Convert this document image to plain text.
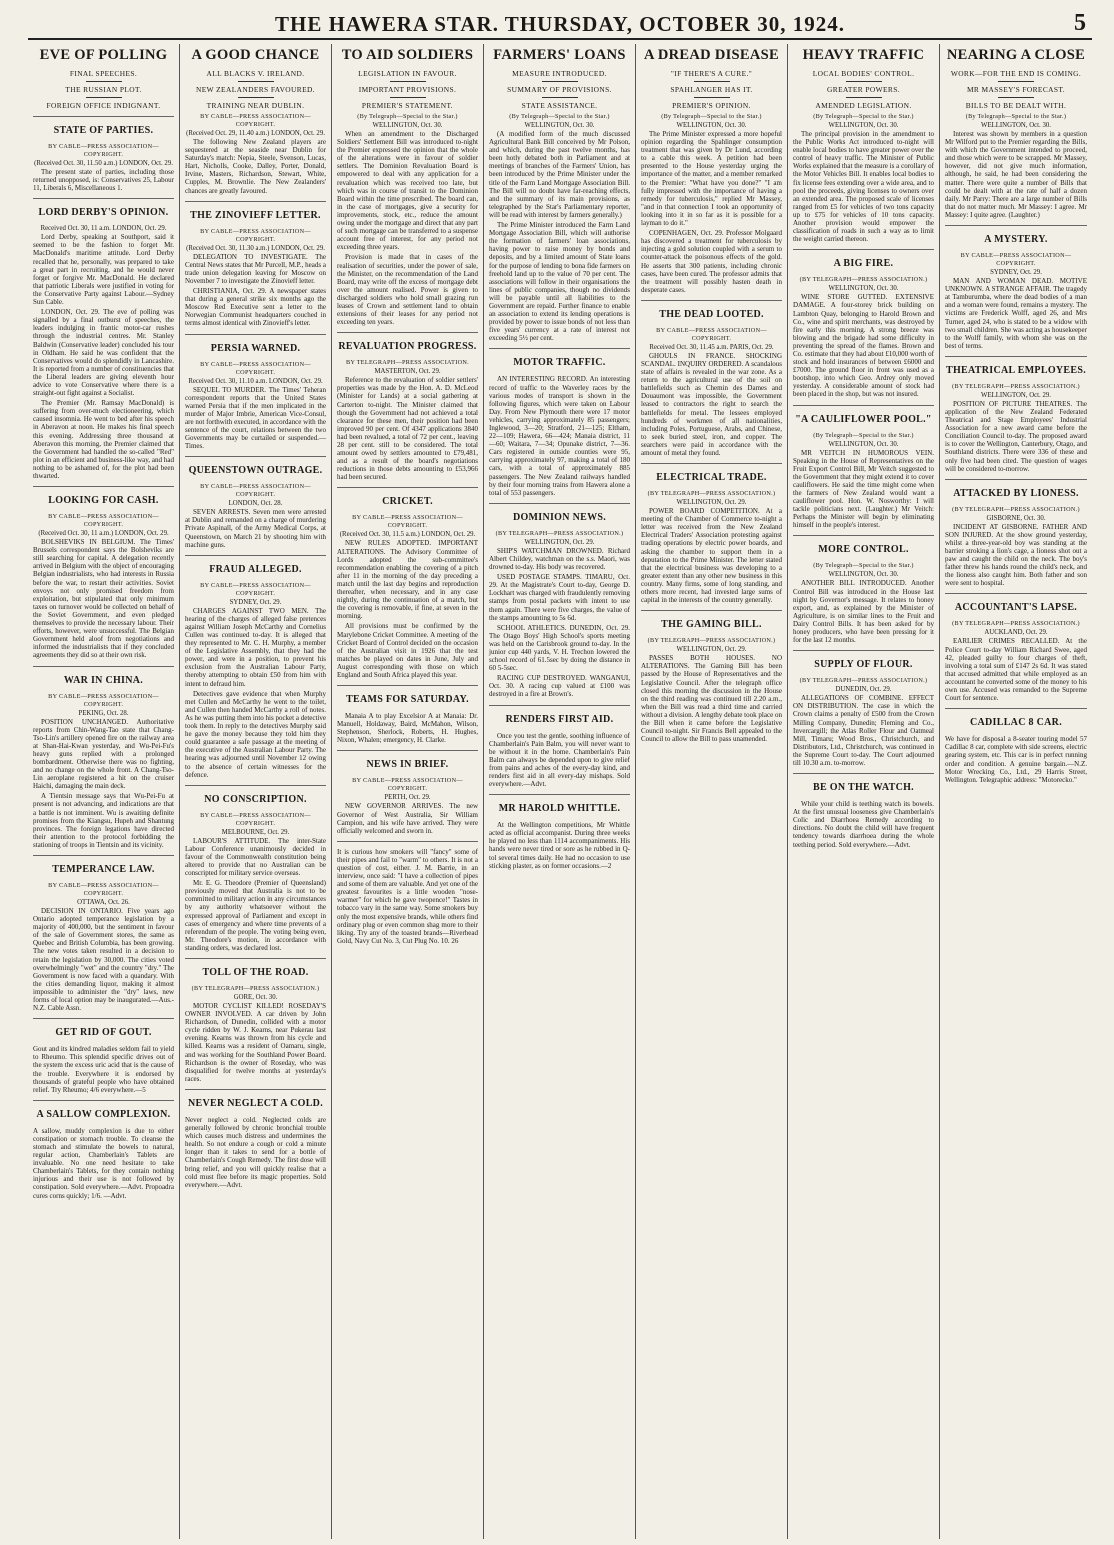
THE HAWERA STAR. THURSDAY, OCTOBER 30, 1924.	5
EVE OF POLLING
FINAL SPEECHES.
THE RUSSIAN PLOT.
FOREIGN OFFICE INDIGNANT.
STATE OF PARTIES.
BY CABLE—PRESS ASSOCIATION—COPYRIGHT.
(Received Oct. 30, 11.50 a.m.) LONDON, Oct. 29.

The present state of parties, including those returned unopposed, is: Conservatives 25, Labour 11, Liberals 6, Miscellaneous 1.

LORD DERBY'S OPINION.
Received Oct. 30, 11 a.m. LONDON, Oct. 29.

Lord Derby, speaking at Southport, said it seemed to be the fashion to forget Mr. MacDonald's maritime attitude. Lord Derby recalled that he, personally, was prepared to take a great part in recruiting, and he would never forget or forgive Mr. MacDonald. He declared that patriotic Liberals were justified in voting for the Conservative Party against Labour.—Sydney Sun Cable.

LONDON, Oct. 29. The eve of polling was signalled by a final outburst of speeches, the leaders indulging in frantic motor-car rushes through the industrial centres. Mr. Stanley Baldwin (Conservative leader) concluded his tour in Oldham. He said he was confident that the Conservatives would do splendidly in Lancashire. It is reported from a number of constituencies that the Liberal leaders are giving eleventh hour advice to vote Conservative where there is a straight-out fight against a Socialist.

The Premier (Mr. Ramsay MacDonald) is suffering from over-much electioneering, which caused insomnia. He went to bed after his speech in Aberavon at noon. He makes his final speech this evening. Addressing three thousand at Aberavon this morning, the Premier claimed that the Government had handled the so-called "Red" plot in an efficient and business-like way, and had nothing to be ashamed of, for the plot had been thwarted.

LOOKING FOR CASH.
BY CABLE—PRESS ASSOCIATION—COPYRIGHT.
(Received Oct. 30, 11 a.m.) LONDON, Oct. 29.

BOLSHEVIKS IN BELGIUM. The Times' Brussels correspondent says the Bolsheviks are still searching for capital. A delegation recently arrived in Belgium with the object of encouraging Belgian industrialists, who had interests in Russia before the war, to restart their activities. Soviet envoys not only promised freedom from exploitation, but stipulated that only minimum taxes on turnover would be collected on behalf of the Soviet Government, and even pledged themselves to provide the necessary labour. Their efforts, however, were unsuccessful. The Belgian Government held aloof from negotiations and informed the industrialists that if they concluded agreements they did so at their own risk.

WAR IN CHINA.
BY CABLE—PRESS ASSOCIATION—COPYRIGHT.
PEKING, Oct. 28.

POSITION UNCHANGED. Authoritative reports from Chin-Wang-Tao state that Chang-Tso-Lin's artillery opened fire on the railway area at Shan-Hai-Kwan yesterday, and Wu-Pei-Fu's heavy guns replied with a prolonged bombardment. Otherwise there was no fighting, and no change on the whole front. A Chang-Tso-Lin aeroplane registered a hit on the cruiser Haichi, damaging the main deck.

A Tientsin message says that Wu-Pei-Fu at present is not advancing, and indications are that a battle is not imminent. Wu is awaiting definite promises from the Kiangsu, Hupeh and Shantung provinces. The foreign legations have directed their attention to the protocol forbidding the stationing of troops in Tientsin and its vicinity.

TEMPERANCE LAW.
BY CABLE—PRESS ASSOCIATION—COPYRIGHT.
OTTAWA, Oct. 26.

DECISION IN ONTARIO. Five years ago Ontario adopted temperance legislation by a majority of 400,000, but the sentiment in favour of the sale of Government stores, the same as Quebec and British Columbia, has been growing. The new votes taken resulted in a decision to retain the legislation by 30,000. The cities voted overwhelmingly "wet" and the country "dry." The Government is now faced with a quandary. With the cities demanding liquor, making it almost impossible to administer the "dry" laws, new forms of local option may be inaugurated.—Aus.-N.Z. Cable Assn.

GET RID OF GOUT.

Gout and its kindred maladies seldom fail to yield to Rheumo. This splendid specific drives out of the system the excess uric acid that is the cause of the trouble. Everywhere it is endorsed by thousands of grateful people who have obtained relief. Try Rheumo; 4/6 everywhere.—5

A SALLOW COMPLEXION.

A sallow, muddy complexion is due to either constipation or stomach trouble. To cleanse the stomach and stimulate the bowels to natural, regular action, Chamberlain's Tablets are invaluable. No one need hesitate to take Chamberlain's Tablets, for they contain nothing injurious and their use is not followed by constipation. Sold everywhere.—Advt. Propoadra cures corns quickly; 1/6. —Advt.

A GOOD CHANCE
ALL BLACKS V. IRELAND.
NEW ZEALANDERS FAVOURED.
TRAINING NEAR DUBLIN.
BY CABLE—PRESS ASSOCIATION—COPYRIGHT.
(Received Oct. 29, 11.40 a.m.) LONDON, Oct. 29.

The following New Zealand players are sequestered at the seaside near Dublin for Saturday's match: Nepia, Steele, Svenson, Lucas, Hart, Nicholls, Cooke, Dalley, Porter, Donald, Irvine, Masters, Richardson, Stewart, White, Cupples, M. Brownlie. The New Zealanders' chances are greatly favoured.

THE ZINOVIEFF LETTER.
BY CABLE—PRESS ASSOCIATION—COPYRIGHT.
(Received Oct. 30, 11.30 a.m.) LONDON, Oct. 29.

DELEGATION TO INVESTIGATE. The Central News states that Mr Purcell, M.P., heads a trade union delegation leaving for Moscow on November 7 to investigate the Zinovieff letter.

CHRISTIANIA, Oct. 29. A newspaper states that during a general strike six months ago the Moscow Red Executive sent a letter to the Norwegian Communist headquarters couched in terms almost identical with Zinovieff's letter.

PERSIA WARNED.
BY CABLE—PRESS ASSOCIATION—COPYRIGHT.
Received Oct. 30, 11.10 a.m. LONDON, Oct. 29.

SEQUEL TO MURDER. The Times' Teheran correspondent reports that the United States warned Persia that if the men implicated in the murder of Major Imbrie, American Vice-Consul, are not forthwith executed, in accordance with the sentence of the court, relations between the two Governments may be curtailed or suspended.—Times.

QUEENSTOWN OUTRAGE.
BY CABLE—PRESS ASSOCIATION—COPYRIGHT.
LONDON, Oct. 28.

SEVEN ARRESTS. Seven men were arrested at Dublin and remanded on a charge of murdering Private Aspinall, of the Army Medical Corps, at Queenstown, on March 21 by shooting him with machine guns.

FRAUD ALLEGED.
BY CABLE—PRESS ASSOCIATION—COPYRIGHT.
SYDNEY, Oct. 29.

CHARGES AGAINST TWO MEN. The hearing of the charges of alleged false pretences against William Joseph McCarthy and Cornelius Cullen was continued to-day. It is alleged that they represented to Mr. C. H. Murphy, a member of the Legislative Assembly, that they had the power, and were in a position, to prevent his exclusion from the Australian Labour Party, thereby attempting to obtain £50 from him with intent to defraud him.

Detectives gave evidence that when Murphy met Cullen and McCarthy he went to the toilet, and Cullen then handed McCarthy a roll of notes. As he was putting them into his pocket a detective took them. In reply to the detectives Murphy said he gave the money because they told him they could guarantee a safe passage at the meeting of the executive of the Australian Labour Party. The hearing was adjourned until November 12 owing to the absence of certain witnesses for the defence.

NO CONSCRIPTION.
BY CABLE—PRESS ASSOCIATION—COPYRIGHT.
MELBOURNE, Oct. 29.

LABOUR'S ATTITUDE. The inter-State Labour Conference unanimously decided in favour of the Commonwealth constitution being altered to provide that no Australian can be conscripted for military service overseas.

Mr. E. G. Theodore (Premier of Queensland) previously moved that Australia is not to be committed to military action in any circumstances by any authority whatsoever without the expressed approval of Parliament and except in cases of emergency and where time prevents of a referendum of the people. The voting being even, Mr. Theodore's motion, in accordance with standing orders, was declared lost.

TOLL OF THE ROAD.
(BY TELEGRAPH—PRESS ASSOCIATION.)
GORE, Oct. 30.

MOTOR CYCLIST KILLED! ROSEDAY'S OWNER INVOLVED. A car driven by John Richardson, of Dunedin, collided with a motor cycle ridden by W. J. Kearns, near Pukerau last evening. Kearns was thrown from his cycle and killed. Kearns was a resident of Oamaru, single, and was working for the Southland Power Board. Richardson is the owner of Roseday, who was disqualified for twelve months at yesterday's races.

NEVER NEGLECT A COLD.

Never neglect a cold. Neglected colds are generally followed by chronic bronchial trouble which causes much distress and undermines the health. So not endure a cough or cold a minute longer than it takes to send for a bottle of Chamberlain's Cough Remedy. The first dose will bring relief, and you will quickly realise that a cold must flee before its magic properties. Sold everywhere.—Advt.

TO AID SOLDIERS
LEGISLATION IN FAVOUR.
IMPORTANT PROVISIONS.
PREMIER'S STATEMENT.
(By Telegraph—Special to the Star.)
WELLINGTON, Oct. 30.

When an amendment to the Discharged Soldiers' Settlement Bill was introduced to-night the Premier expressed the opinion that the whole of the alterations were in favour of soldier settlers. The Dominion Revaluation Board is empowered to deal with any application for a revaluation which was received too late, but which was in course of transit to the Dominion Board within the time prescribed. The board can, in the case of mortgages, give a security for improvements, stock, etc., reduce the amount owing under the mortgage and direct that any part of such mortgage can be transferred to a suspense account free of interest, for any period not exceeding three years.

Provision is made that in cases of the realisation of securities, under the power of sale, the Minister, on the recommendation of the Land Board, may write off the excess of mortgage debt over the amount realised. Power is given to discharged soldiers who hold small grazing run leases of Crown and settlement land to obtain extensions of their leases for any period not exceeding ten years.

REVALUATION PROGRESS.
BY TELEGRAPH—PRESS ASSOCIATION.
MASTERTON, Oct. 29.

Reference to the revaluation of soldier settlers' properties was made by the Hon. A. D. McLeod (Minister for Lands) at a social gathering at Carterton to-night. The Minister claimed that though the Government had not achieved a total clearance for these men, their position had been improved 90 per cent. Of 4347 applications 3840 had been revalued, a total of 72 per cent., leaving 28 per cent. still to be considered. The total amount owed by settlers amounted to £79,481, and as a result of the board's negotiations reductions in those debts amounting to £53,966 had been secured.

CRICKET.
BY CABLE—PRESS ASSOCIATION—COPYRIGHT.
(Received Oct. 30, 11.5 a.m.) LONDON, Oct. 29.

NEW RULES ADOPTED. IMPORTANT ALTERATIONS. The Advisory Committee of Lords adopted the sub-committee's recommendation enabling the covering of a pitch after 11 in the morning of the day preceding a match until the last day begins and reproduction thereafter, when necessary, and in any case nightly, during the continuation of a match, but the covering is removable, if fine, at seven in the morning.

All provisions must be confirmed by the Marylebone Cricket Committee. A meeting of the Cricket Board of Control decided on the occasion of the Australian visit in 1926 that the test matches be played on dates in June, July and August corresponding with those on which England and South Africa played this year.

TEAMS FOR SATURDAY.

Manaia A to play Excelsior A at Manaia: Dr. Manuell, Holdaway, Baird, McMahon, Wilson, Stephenson, Sherlock, Roberts, H. Hughes, Nixon, Whalen; emergency, H. Clarke.

NEWS IN BRIEF.
BY CABLE—PRESS ASSOCIATION—COPYRIGHT.
PERTH, Oct. 29.

NEW GOVERNOR ARRIVES. The new Governor of West Australia, Sir William Campion, and his wife have arrived. They were officially welcomed and sworn in.

It is curious how smokers will "fancy" some of their pipes and fail to "warm" to others. It is not a question of cost, either. J. M. Barrie, in an interview, once said: "I have a collection of pipes and some of them are valuable. And yet one of the greatest favourites is a little wooden "nose-warmer" for which he gave twopence!" Tastes in tobacco vary in the same way. Some smokers buy only the most expensive brands, while others find ordinary plug or even common shag more to their liking. Try any of the toasted brands—Riverhead Gold, Navy Cut No. 3, Cut Plug No. 10. 26

FARMERS' LOANS
MEASURE INTRODUCED.
SUMMARY OF PROVISIONS.
STATE ASSISTANCE.
(By Telegraph—Special to the Star.)
WELLINGTON, Oct. 30.

(A modified form of the much discussed Agricultural Bank Bill conceived by Mr Polson, and which, during the past twelve months, has been hotly debated both in Parliament and at meetings of branches of the Farmers' Union, has been introduced by the Prime Minister under the title of the Farm Land Mortgage Association Bill. The Bill will no doubt have far-reaching effects, and the summary of its main provisions, as telegraphed by the Star's Parliamentary reporter, will be read with interest by farmers generally.)

The Prime Minister introduced the Farm Land Mortgage Association Bill, which will authorise the formation of farmers' loan associations, having power to raise money by bonds and deposits, and by a limited amount of State loans for the purpose of lending to bona fide farmers on freehold land up to the value of 70 per cent. The associations will follow in their organisations the lines of public companies, though no dividends will be payable until all liabilities to the Government are repaid. Further finance to enable an association to extend its lending operations is provided by power to issue bonds of not less than five years' currency at a rate of interest not exceeding 5½ per cent.

MOTOR TRAFFIC.

AN INTERESTING RECORD. An interesting record of traffic to the Waverley races by the various modes of transport is shown in the following figures, which were taken on Labour Day. From New Plymouth there were 17 motor vehicles, carrying approximately 85 passengers; Inglewood, 3—20; Stratford, 21—125; Eltham, 22—109; Hawera, 66—424; Manaia district, 11—60; Waitara, 7—34; Opunake district, 7—36. Cars registered in outside counties were 95, carrying approximately 97, making a total of 180 cars, with a total of approximately 885 passengers. The New Zealand railways handled by their four morning trains from Hawera alone a total of 553 passengers.

DOMINION NEWS.
(BY TELEGRAPH—PRESS ASSOCIATION.)
WELLINGTON, Oct. 29.

SHIP'S WATCHMAN DROWNED. Richard Albert Childey, watchman on the s.s. Maori, was drowned to-day. His body was recovered.

USED POSTAGE STAMPS. TIMARU, Oct. 29. At the Magistrate's Court to-day, George D. Lockhart was charged with fraudulently removing stamps from postal packets with intent to use them again. There were five charges, the value of the stamps amounting to 5s 6d.

SCHOOL ATHLETICS. DUNEDIN, Oct. 29. The Otago Boys' High School's sports meeting was held on the Carisbrook ground to-day. In the junior cup 440 yards, V. H. Trechon lowered the school record of 61.5sec by doing the distance in 60 5-5sec.

RACING CUP DESTROYED. WANGANUI, Oct. 30. A racing cup valued at £100 was destroyed in a fire at Brown's.

RENDERS FIRST AID.

Once you test the gentle, soothing influence of Chamberlain's Pain Balm, you will never want to be without it in the home. Chamberlain's Pain Balm can always be depended upon to give relief from pains and aches of the every-day kind, and renders first aid in all every-day mishaps. Sold everywhere.—Advt.

MR HAROLD WHITTLE.

At the Wellington competitions, Mr Whittle acted as official accompanist. During three weeks he played no less than 1114 accompaniments. His hands were never tired or sore as he rubbed in Q-tol several times daily. He had no occasion to use sticking plaster, as on former occasions.—2

A DREAD DISEASE
"IF THERE'S A CURE."
SPAHLANGER HAS IT.
PREMIER'S OPINION.
(By Telegraph—Special to the Star.)
WELLINGTON, Oct. 30.

The Prime Minister expressed a more hopeful opinion regarding the Spahlinger consumption treatment that was given by Dr Lund, according to a cable this week. A petition had been presented to the House yesterday urging the importance of the matter, and a member remarked to the Premier: "What have you done?" "I am fully impressed with the importance of having a remedy for tuberculosis," replied Mr Massey, "and in that connection I took an opportunity of looking into it in so far as it is possible for a layman to do it."

COPENHAGEN, Oct. 29. Professor Molgaard has discovered a treatment for tuberculosis by injecting a gold solution coupled with a serum to counter-attack the poisonous effects of the gold. He asserts that 300 patients, including chronic cases, have been cured. The professor admits that the treatment will possibly hasten death in desperate cases.

THE DEAD LOOTED.
BY CABLE—PRESS ASSOCIATION—COPYRIGHT.
Received Oct. 30, 11.45 a.m. PARIS, Oct. 29.

GHOULS IN FRANCE. SHOCKING SCANDAL. INQUIRY ORDERED. A scandalous state of affairs is revealed in the war zone. As a return to the agricultural use of the soil on battlefields such as Chemin des Dames and Douaumont was impossible, the Government leased to contractors the right to search the battlefields for metal. The lessees employed hundreds of workmen of all nationalities, including Poles, Portuguese, Arabs, and Chinese, to seek buried steel, iron, and copper. The searchers were paid in accordance with the amount of metal they found.

ELECTRICAL TRADE.
(BY TELEGRAPH—PRESS ASSOCIATION.)
WELLINGTON, Oct. 29.

POWER BOARD COMPETITION. At a meeting of the Chamber of Commerce to-night a letter was received from the New Zealand Electrical Traders' Association protesting against trading operations by electric power boards, and asking the chamber to support them in a deputation to the Prime Minister. The letter stated that the electrical business was developing to a greater extent than any other new business in this country. Many firms, some of long standing, and others more recent, had invested large sums of capital in the interests of the country generally.

THE GAMING BILL.
(BY TELEGRAPH—PRESS ASSOCIATION.)
WELLINGTON, Oct. 29.

PASSES BOTH HOUSES. NO ALTERATIONS. The Gaming Bill has been passed by the House of Representatives and the Legislative Council. After the telegraph office closed this morning the discussion in the House on the third reading was continued till 2.20 a.m., when the Bill was read a third time and carried without a division. A lengthy debate took place on the Bill when it came before the Legislative Council to-night. Sir Francis Bell appealed to the Council to allow the Bill to pass unamended.

HEAVY TRAFFIC
LOCAL BODIES' CONTROL.
GREATER POWERS.
AMENDED LEGISLATION.
(By Telegraph—Special to the Star.)
WELLINGTON, Oct. 30.

The principal provision in the amendment to the Public Works Act introduced to-night will enable local bodies to have greater power over the control of heavy traffic. The Minister of Public Works explained that the measure is a corollary of the Motor Vehicles Bill. It enables local bodies to fix license fees extending over a wide area, and to pool the proceeds, giving licenses to owners over an extended area. The proposed scale of licenses ranged from £5 for vehicles of two tons capacity up to £75 for vehicles of 10 tons capacity. Another provision would empower the classification of roads in such a way as to limit the weight carried thereon.

A BIG FIRE.
(BY TELEGRAPH—PRESS ASSOCIATION.)
WELLINGTON, Oct. 30.

WINE STORE GUTTED. EXTENSIVE DAMAGE. A four-storey brick building on Lambton Quay, belonging to Harold Brown and Co., wine and spirit merchants, was destroyed by fire early this morning. A strong breeze was blowing and the brigade had some difficulty in preventing the spread of the flames. Brown and Co. estimate that they had about £10,000 worth of stock and hold insurances of between £6000 and £7000. The ground floor in front was used as a bootshop, into which Geo. Ardrey only moved yesterday. A considerable amount of stock had been placed in the shop, but was not insured.

"A CAULIFLOWER POOL."
(By Telegraph—Special to the Star.)
WELLINGTON, Oct. 30.

MR VEITCH IN HUMOROUS VEIN. Speaking in the House of Representatives on the Fruit Export Control Bill, Mr Veitch suggested to the Government that they might extend it to cover cauliflowers. He said the time might come when the farmers of New Zealand would want a cauliflower pool. Hon. W. Nosworthy: I will tackle politicians next. (Laughter.) Mr Veitch: Perhaps the Minister will begin by eliminating himself in the people's interest.

MORE CONTROL.
(By Telegraph—Special to the Star.)
WELLINGTON, Oct. 30.

ANOTHER BILL INTRODUCED. Another Control Bill was introduced in the House last night by Governor's message. It relates to honey export, and, as explained by the Minister of Agriculture, is on similar lines to the Fruit and Dairy Control Bills. It has been asked for by honey producers, who have been pressing for it for the last 12 months.

SUPPLY OF FLOUR.
(BY TELEGRAPH—PRESS ASSOCIATION.)
DUNEDIN, Oct. 29.

ALLEGATIONS OF COMBINE. EFFECT ON DISTRIBUTION. The case in which the Crown claims a penalty of £500 from the Crown Milling Company, Dunedin; Fleming and Co., Invercargill; the Atlas Roller Flour and Oatmeal Mill, Timaru; Wood Bros., Christchurch, and Distributors, Ltd., Christchurch, was continued in the Supreme Court to-day. The Court adjourned till 10.30 a.m. to-morrow.

BE ON THE WATCH.

While your child is teething watch its bowels. At the first unusual looseness give Chamberlain's Colic and Diarrhoea Remedy according to directions. No doubt the child will have frequent tendency towards diarrhoea during the whole teething period. Sold everywhere.—Advt.

NEARING A CLOSE
WORK—FOR THE END IS COMING.
MR MASSEY'S FORECAST.
BILLS TO BE DEALT WITH.
(By Telegraph—Special to the Star.)
WELLINGTON, Oct. 30.

Interest was shown by members in a question Mr Wilford put to the Premier regarding the Bills, with which the Government intended to proceed, and those which were to be scrapped. Mr Massey, however, did not give much information, although, he said, he had been considering the matter. There were quite a number of Bills that could be dealt with at the rate of half a dozen daily. Mr Parry: There are a large number of Bills that do not matter much. Mr Massey: I agree. Mr Massey: I quite agree. (Laughter.)

A MYSTERY.
BY CABLE—PRESS ASSOCIATION—COPYRIGHT.
SYDNEY, Oct. 29.

MAN AND WOMAN DEAD. MOTIVE UNKNOWN. A STRANGE AFFAIR. The tragedy at Tamburumba, where the dead bodies of a man and a woman were found, remains a mystery. The victims are Frederick Wolff, aged 26, and Mrs Turner, aged 24, who is stated to be a widow with two small children. She was acting as housekeeper to the Wolff family, with whom she was on the best of terms.

THEATRICAL EMPLOYEES.
(BY TELEGRAPH—PRESS ASSOCIATION.)
WELLINGTON, Oct. 29.

POSITION OF PICTURE THEATRES. The application of the New Zealand Federated Theatrical and Stage Employees' Industrial Association for a new award came before the Conciliation Council to-day. The proposed award is to cover the Wellington, Canterbury, Otago, and Southland districts. There were 336 of these and only five had been cited. The question of wages will be considered to-morrow.

ATTACKED BY LIONESS.
(BY TELEGRAPH—PRESS ASSOCIATION.)
GISBORNE, Oct. 30.

INCIDENT AT GISBORNE. FATHER AND SON INJURED. At the show ground yesterday, whilst a three-year-old boy was standing at the barrier stroking a lion's cage, a lioness shot out a paw and caught the child on the neck. The boy's father threw his hands round the child's neck, and the lioness also caught him. Both father and son were sent to hospital.

ACCOUNTANT'S LAPSE.
(BY TELEGRAPH—PRESS ASSOCIATION.)
AUCKLAND, Oct. 29.

EARLIER CRIMES RECALLED. At the Police Court to-day William Richard Swee, aged 42, pleaded guilty to four charges of theft, involving a total sum of £147 2s 6d. It was stated that accused admitted that while employed as an accountant he converted some of the money to his own use. Accused was remanded to the Supreme Court for sentence.

CADILLAC 8 CAR.

We have for disposal a 8-seater touring model 57 Cadillac 8 car, complete with side screens, electric gearing system, etc. This car is in perfect running order and condition. A genuine bargain.—N.Z. Motor Wrecking Co., Ltd., 29 Harris Street, Wellington. Telegraphic address: "Motorecko."
